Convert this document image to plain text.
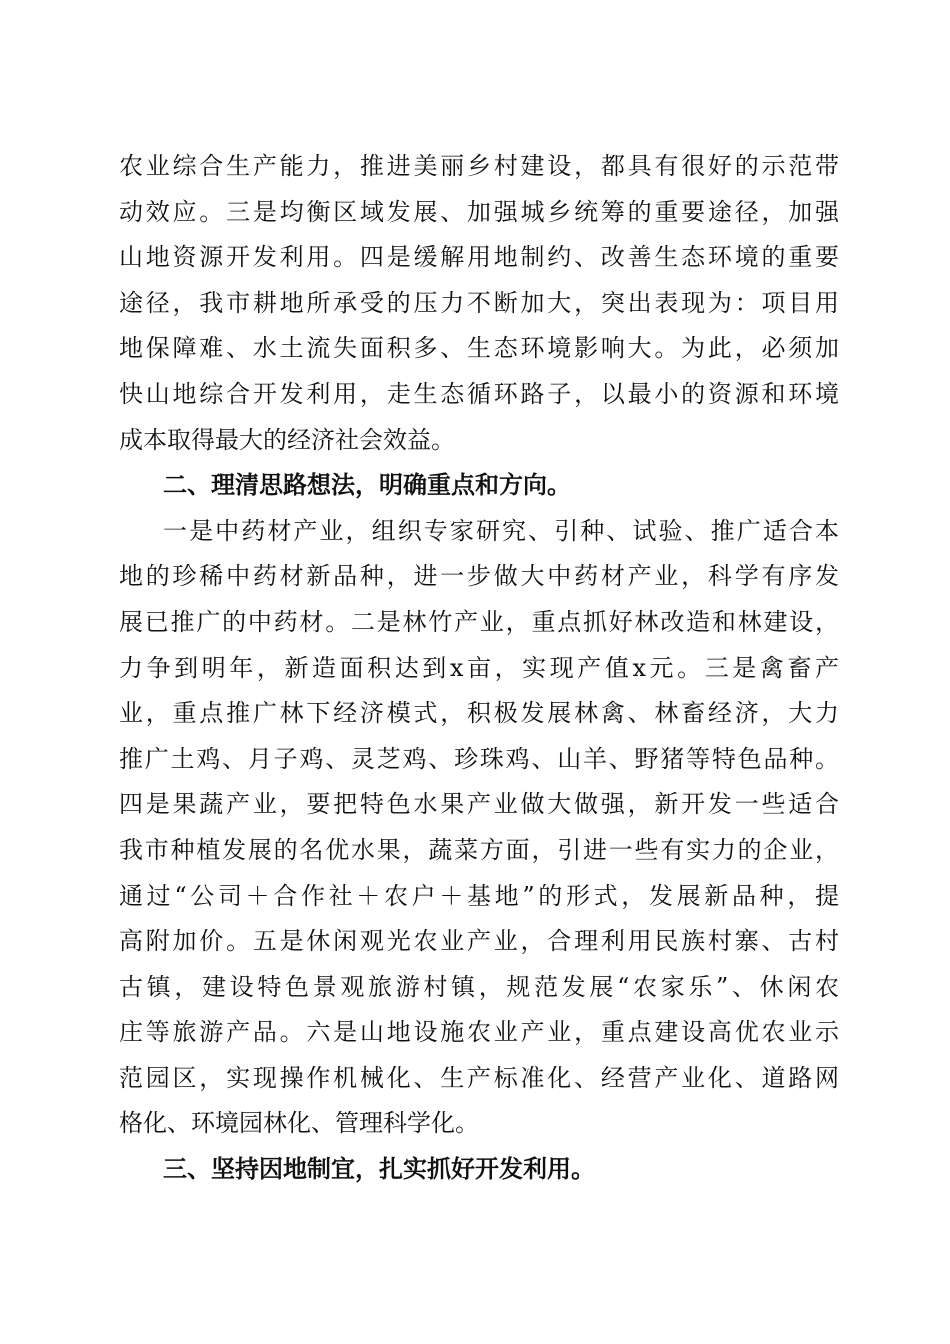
农业综合生产能力，推进美丽乡村建设，都具有很好的示范带
动效应。三是均衡区域发展、加强城乡统筹的重要途径，加强
山地资源开发利用。四是缓解用地制约、改善生态环境的重要
途径，我市耕地所承受的压力不断加大，突出表现为：项目用
地保障难、水土流失面积多、生态环境影响大。为此，必须加
快山地综合开发利用，走生态循环路子，以最小的资源和环境
成本取得最大的经济社会效益。
二、理清思路想法，明确重点和方向。
一是中药材产业，组织专家研究、引种、试验、推广适合本
地的珍稀中药材新品种，进一步做大中药材产业，科学有序发
展已推广的中药材。二是林竹产业，重点抓好林改造和林建设，
力争到明年，新造面积达到x亩，实现产值x元。三是禽畜产
业，重点推广林下经济模式，积极发展林禽、林畜经济，大力
推广土鸡、月子鸡、灵芝鸡、珍珠鸡、山羊、野猪等特色品种。
四是果蔬产业，要把特色水果产业做大做强，新开发一些适合
我市种植发展的名优水果，蔬菜方面，引进一些有实力的企业，
通过“公司＋合作社＋农户＋基地”的形式，发展新品种，提
高附加价。五是休闲观光农业产业，合理利用民族村寨、古村
古镇，建设特色景观旅游村镇，规范发展“农家乐”、休闲农
庄等旅游产品。六是山地设施农业产业，重点建设高优农业示
范园区，实现操作机械化、生产标准化、经营产业化、道路网
格化、环境园林化、管理科学化。
三、坚持因地制宜，扎实抓好开发利用。
